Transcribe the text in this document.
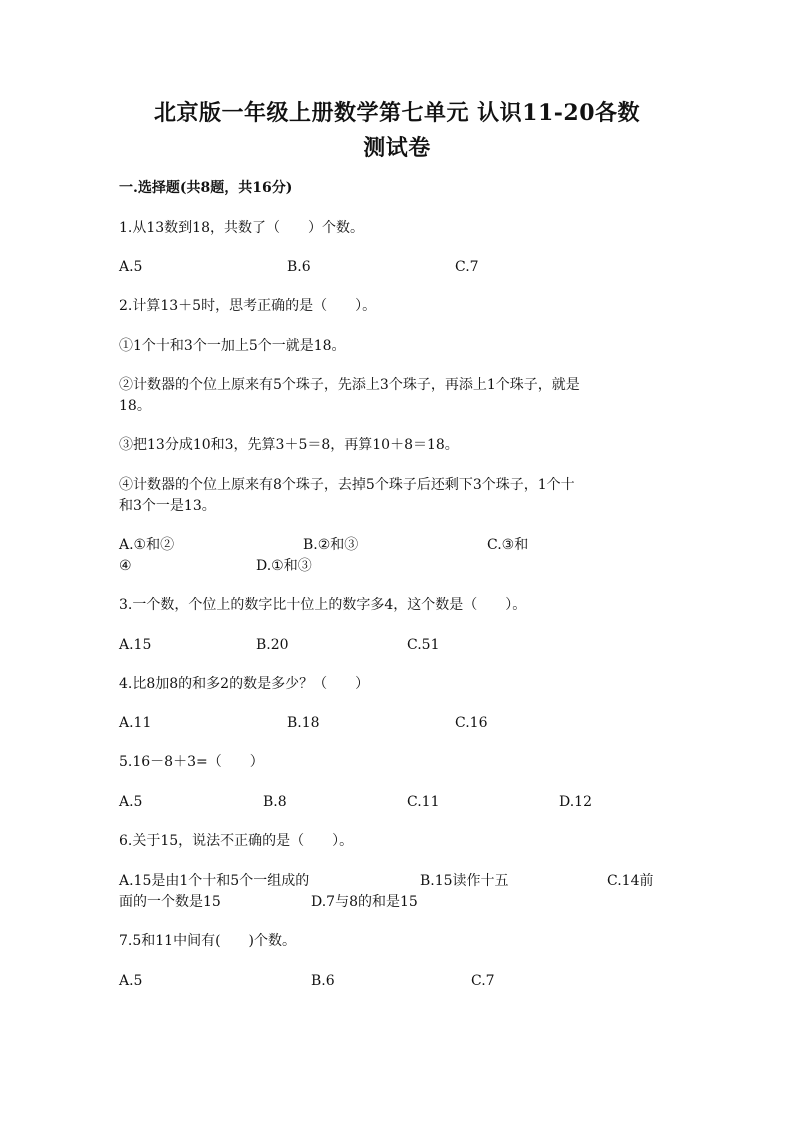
北京版一年级上册数学第七单元 认识11-20各数
测试卷
一.选择题(共8题，共16分)
1.从13数到18，共数了（　　）个数。
A.5	B.6	C.7
2.计算13＋5时，思考正确的是（　　）。
①1个十和3个一加上5个一就是18。
②计数器的个位上原来有5个珠子，先添上3个珠子，再添上1个珠子，就是
18。
③把13分成10和3，先算3＋5＝8，再算10＋8＝18。
④计数器的个位上原来有8个珠子，去掉5个珠子后还剩下3个珠子，1个十
和3个一是13。
A.①和②	B.②和③	C.③和
④	D.①和③
3.一个数，个位上的数字比十位上的数字多4，这个数是（　　）。
A.15	B.20	C.51
4.比8加8的和多2的数是多少？（　　）
A.11	B.18	C.16
5.16－8＋3=（　　）
A.5	B.8	C.11	D.12
6.关于15，说法不正确的是（　　）。
A.15是由1个十和5个一组成的	B.15读作十五	C.14前
面的一个数是15	D.7与8的和是15
7.5和11中间有(　　)个数。
A.5	B.6	C.7
